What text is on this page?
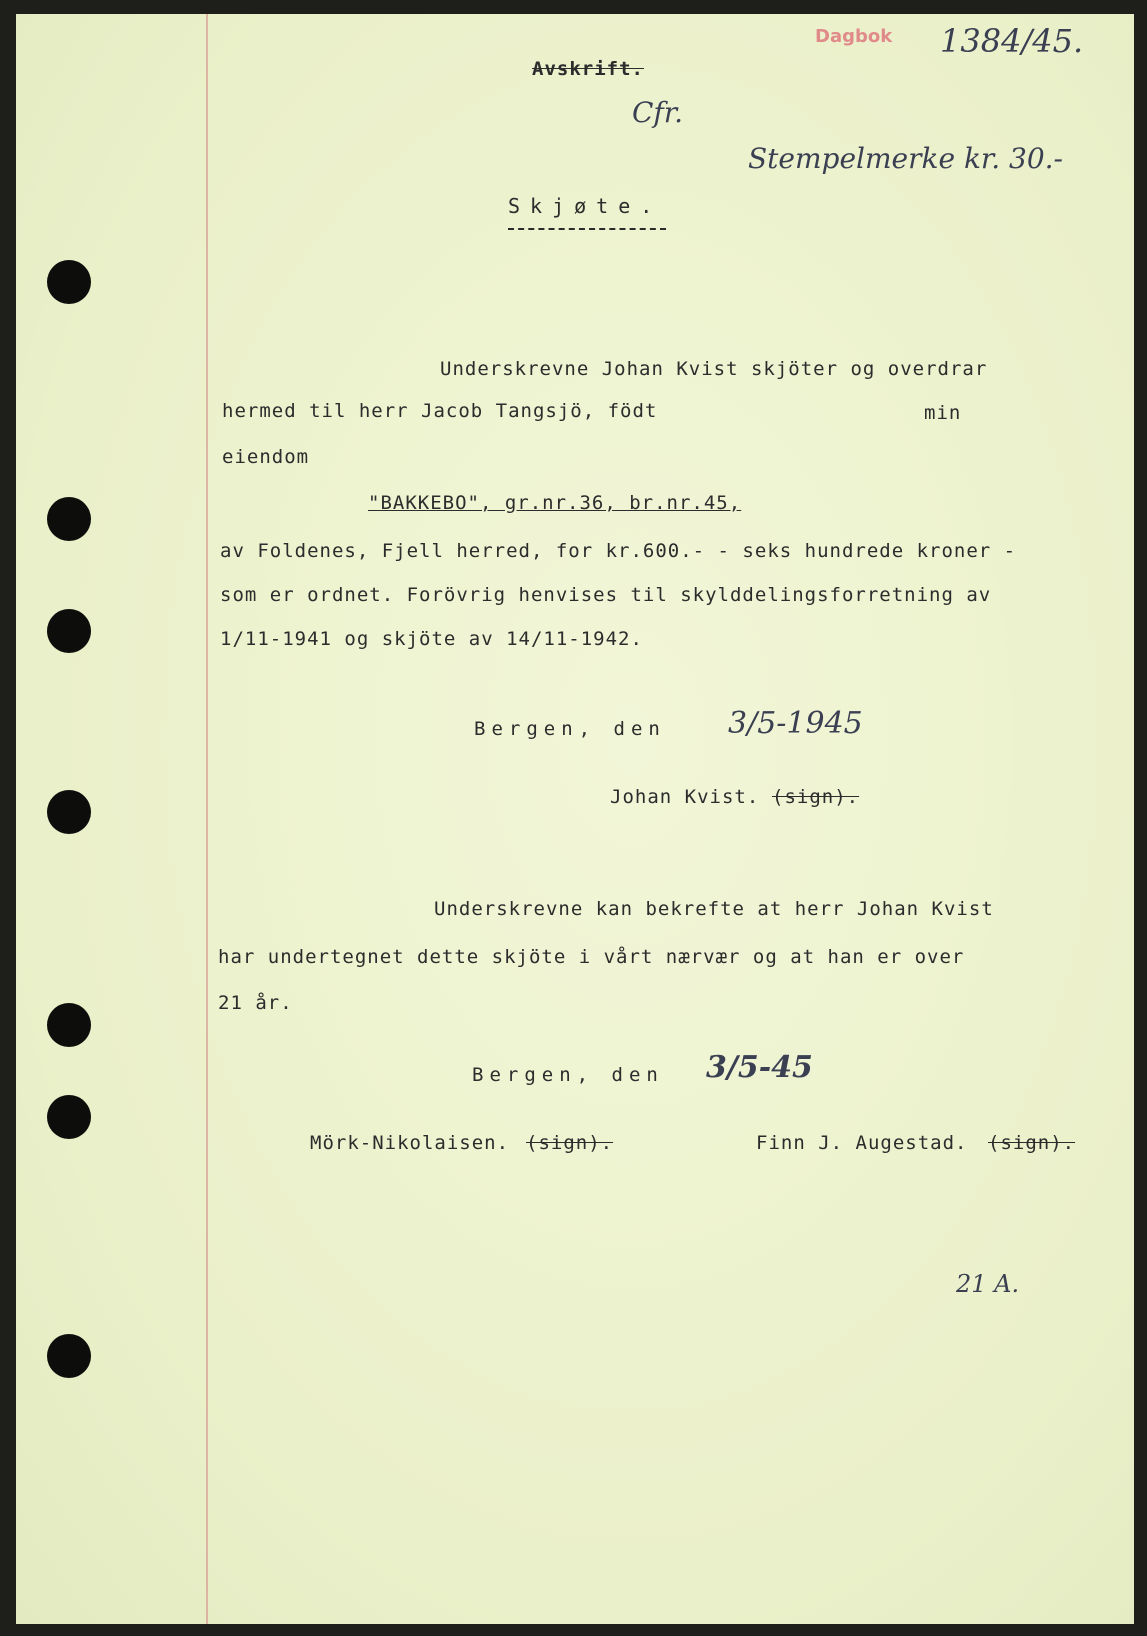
Avskrift.

Dagbok 1384/45.

Cfr.

Stempelmerke kr. 30.-

Skjøte.

Underskrevne Johan Kvist skjöter og overdrar

hermed til herr Jacob Tangsjö, födt	min

eiendom

"BAKKEBO", gr.nr.36, br.nr.45,

av Foldenes, Fjell herred, for kr.600.- - seks hundrede kroner -

som er ordnet. Forövrig henvises til skylddelingsforretning av

1/11-1941 og skjöte av 14/11-1942.

Bergen, den 3/5-1945

Johan Kvist. (sign).

Underskrevne kan bekrefte at herr Johan Kvist

har undertegnet dette skjöte i vårt nærvær og at han er over

21 år.

Bergen, den 3/5-45

Mörk-Nikolaisen. (sign).	Finn J. Augestad. (sign).

21 A.
